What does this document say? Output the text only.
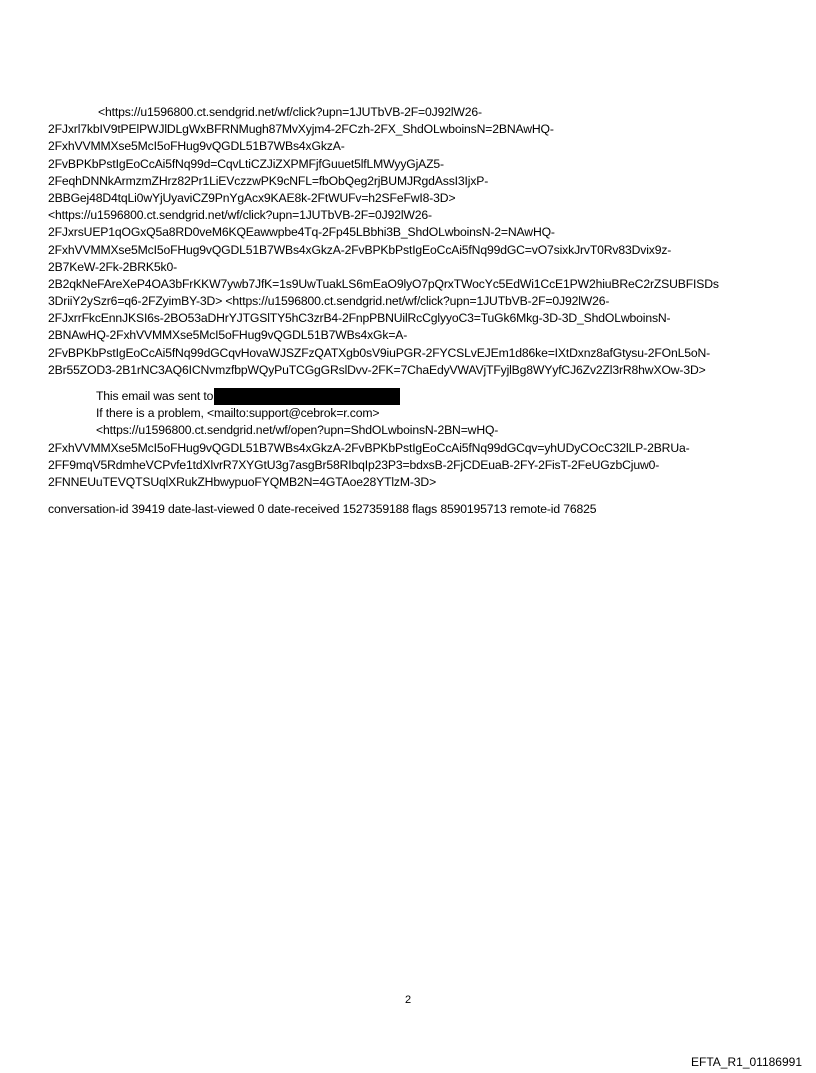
<https://u1596800.ct.sendgrid.net/wf/click?upn=1JUTbVB-2F=0J92lW26-
2FJxrl7kbIV9tPElPWJlDLgWxBFRNMugh87MvXyjm4-2FCzh-2FX_ShdOLwboinsN=2BNAwHQ-
2FxhVVMMXse5McI5oFHug9vQGDL51B7WBs4xGkzA-
2FvBPKbPstIgEoCcAi5fNq99d=CqvLtiCZJiZXPMFjfGuuet5lfLMWyyGjAZ5-
2FeqhDNNkArmzmZHrz82Pr1LiEVczzwPK9cNFL=fbObQeg2rjBUMJRgdAssI3IjxP-
2BBGej48D4tqLi0wYjUyaviCZ9PnYgAcx9KAE8k-2FtWUFv=h2SFeFwI8-3D>
<https://u1596800.ct.sendgrid.net/wf/click?upn=1JUTbVB-2F=0J92lW26-
2FJxrsUEP1qOGxQ5a8RD0veM6KQEawwpbe4Tq-2Fp45LBbhi3B_ShdOLwboinsN-2=NAwHQ-
2FxhVVMMXse5McI5oFHug9vQGDL51B7WBs4xGkzA-2FvBPKbPstIgEoCcAi5fNq99dGC=vO7sixkJrvT0Rv83Dvix9z-
2B7KeW-2Fk-2BRK5k0-
2B2qkNeFAreXeP4OA3bFrKKW7ywb7JfK=1s9UwTuakLS6mEaO9lyO7pQrxTWocYc5EdWi1CcE1PW2hiuBReC2rZSUBFISDs
3DriiY2ySzr6=q6-2FZyimBY-3D> <https://u1596800.ct.sendgrid.net/wf/click?upn=1JUTbVB-2F=0J92lW26-
2FJxrrFkcEnnJKSI6s-2BO53aDHrYJTGSlTY5hC3zrB4-2FnpPBNUilRcCglyyoC3=TuGk6Mkg-3D-3D_ShdOLwboinsN-
2BNAwHQ-2FxhVVMMXse5McI5oFHug9vQGDL51B7WBs4xGk=A-
2FvBPKbPstIgEoCcAi5fNq99dGCqvHovaWJSZFzQATXgb0sV9iuPGR-2FYCSLvEJEm1d86ke=IXtDxnz8afGtysu-2FOnL5oN-
2Br55ZOD3-2B1rNC3AQ6ICNvmzfbpWQyPuTCGgGRslDvv-2FK=7ChaEdyVWAVjTFyjlBg8WYyfCJ6Zv2Zl3rR8hwXOw-3D>
This email was sent to
If there is a problem, <mailto:support@cebrok=r.com>
<https://u1596800.ct.sendgrid.net/wf/open?upn=ShdOLwboinsN-2BN=wHQ-
2FxhVVMMXse5McI5oFHug9vQGDL51B7WBs4xGkzA-2FvBPKbPstIgEoCcAi5fNq99dGCqv=yhUDyCOcC32lLP-2BRUa-
2FF9mqV5RdmheVCPvfe1tdXlvrR7XYGtU3g7asgBr58RIbqIp23P3=bdxsB-2FjCDEuaB-2FY-2FisT-2FeUGzbCjuw0-
2FNNEUuTEVQTSUqlXRukZHbwypuoFYQMB2N=4GTAoe28YTlzM-3D>
conversation-id 39419 date-last-viewed 0 date-received 1527359188 flags 8590195713 remote-id 76825
2
EFTA_R1_01186991
